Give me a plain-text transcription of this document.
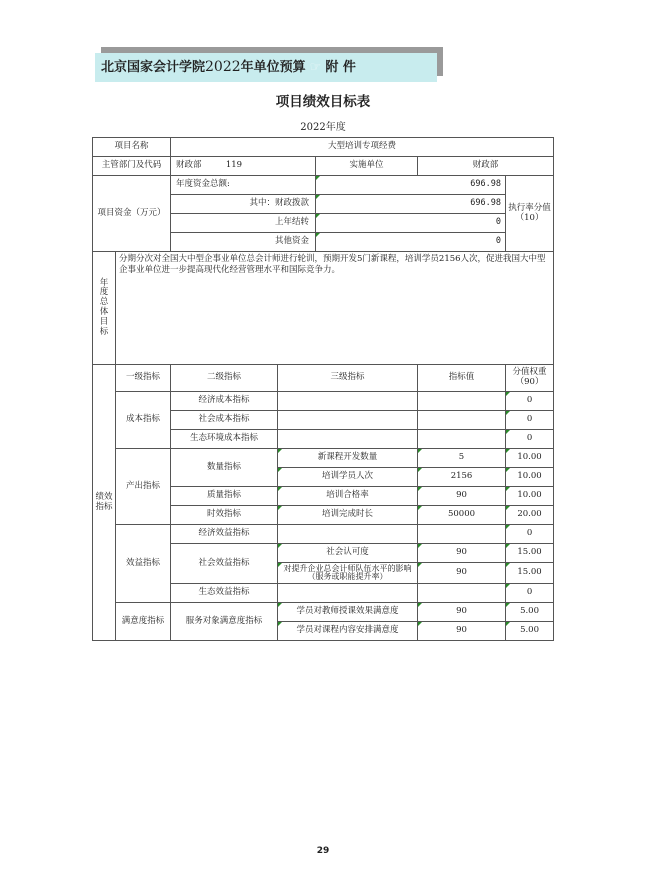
北京国家会计学院2022年单位预算 ☞ 附 件
项目绩效目标表
2022年度
项目名称		大型培训专项经费				
主管部门及代码		财政部 119		实施单位	财政部	
项目资金（万元）		年度资金总额:		696.98		执行率分值（10）
		其中：财政拨款		696.98		
		上年结转		0		
		其他资金		0		
年度总体目标	分期分次对全国大中型企事业单位总会计师进行轮训，预期开发5门新课程，培训学员2156人次，促进我国大中型企事业单位进一步提高现代化经营管理水平和国际竞争力。					
绩效指标	一级指标	二级指标	三级指标		指标值	分值权重（90）
	成本指标	经济成本指标				0
		社会成本指标				0
		生态环境成本指标				0
	产出指标	数量指标	新课程开发数量		5	10.00
			培训学员人次		2156	10.00
		质量指标	培训合格率		90	10.00
		时效指标	培训完成时长		50000	20.00
	效益指标	经济效益指标				0
		社会效益指标	社会认可度		90	15.00
			对提升企业总会计师队伍水平的影响（服务或职能提升率）		90	15.00
		生态效益指标				0
	满意度指标	服务对象满意度指标	学员对教师授课效果满意度		90	5.00
			学员对课程内容安排满意度		90	5.00
29
